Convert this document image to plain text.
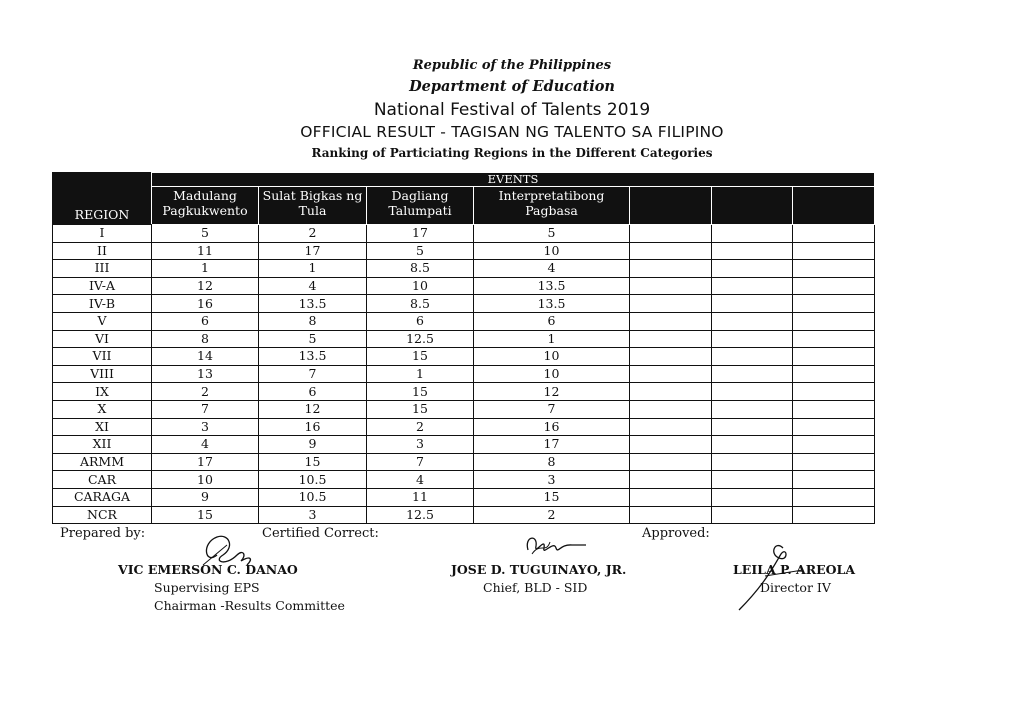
Republic of the Philippines
Department of Education
National Festival of Talents 2019
OFFICIAL RESULT - TAGISAN NG TALENTO SA FILIPINO
Ranking of Particiating Regions in the Different Categories
REGION	EVENTS						
	Madulang Pagkukwento	Sulat Bigkas ng Tula	Dagliang Talumpati	Interpretatibong Pagbasa			
I	5	2	17	5			
II	11	17	5	10			
III	1	1	8.5	4			
IV-A	12	4	10	13.5			
IV-B	16	13.5	8.5	13.5			
V	6	8	6	6			
VI	8	5	12.5	1			
VII	14	13.5	15	10			
VIII	13	7	1	10			
IX	2	6	15	12			
X	7	12	15	7			
XI	3	16	2	16			
XII	4	9	3	17			
ARMM	17	15	7	8			
CAR	10	10.5	4	3			
CARAGA	9	10.5	11	15			
NCR	15	3	12.5	2			
Prepared by:	Certified Correct:	Approved:
VIC EMERSON C. DANAO
Supervising EPS
Chairman -Results Committee
JOSE D. TUGUINAYO, JR.
Chief, BLD - SID
LEILA P. AREOLA
Director IV
